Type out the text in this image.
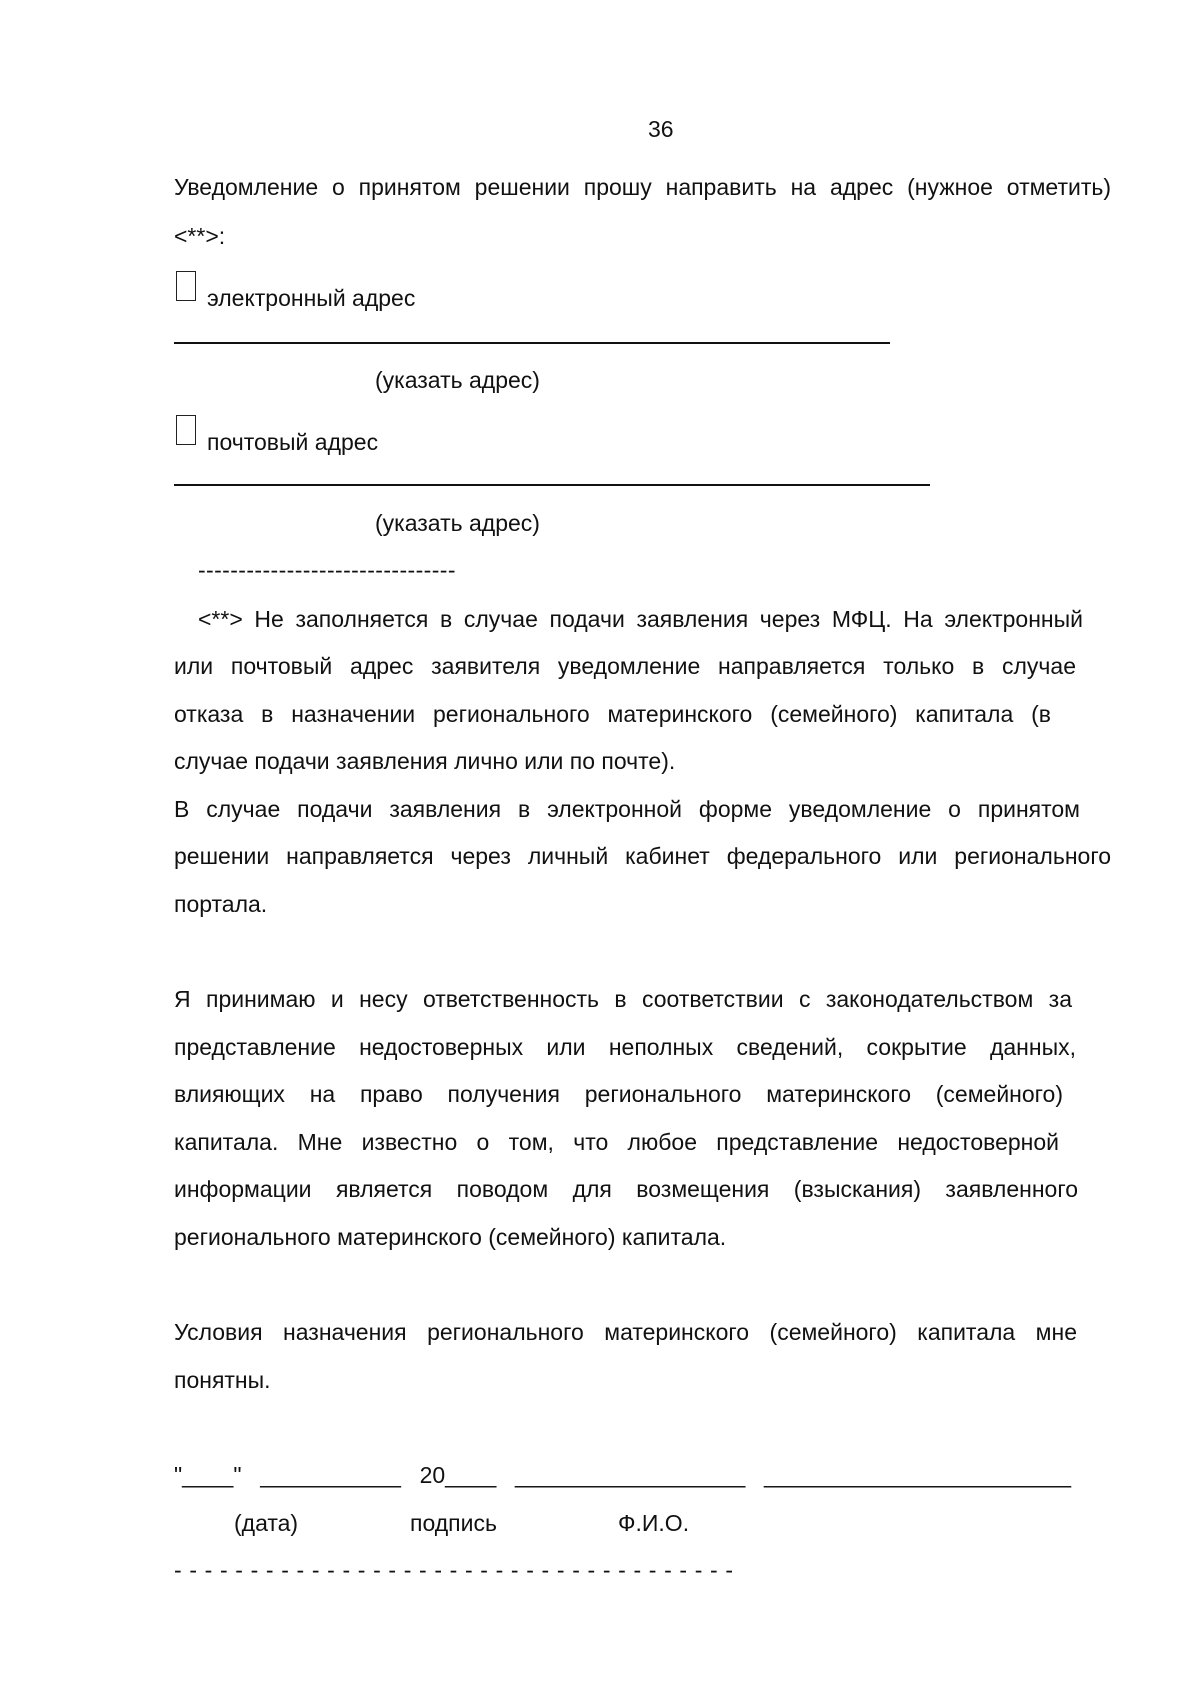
36
Уведомление о принятом решении прошу направить на адрес (нужное отметить)
<**>:
электронный адрес
(указать адрес)
почтовый адрес
(указать адрес)
--------------------------------
<**> Не заполняется в случае подачи заявления через МФЦ. На электронный
или почтовый адрес заявителя уведомление направляется только в случае
отказа в назначении регионального материнского (семейного) капитала (в
случае подачи заявления лично или по почте).
В случае подачи заявления в электронной форме уведомление о принятом
решении направляется через личный кабинет федерального или регионального
портала.
Я принимаю и несу ответственность в соответствии с законодательством за
представление недостоверных или неполных сведений, сокрытие данных,
влияющих на право получения регионального материнского (семейного)
капитала. Мне известно о том, что любое представление недостоверной
информации является поводом для возмещения (взыскания) заявленного
регионального материнского (семейного) капитала.
Условия назначения регионального материнского (семейного) капитала мне
понятны.
"____" ___________ 20____ __________________ ________________________
(дата)	подпись	Ф.И.О.
- - - - - - - - - - - - - - - - - - - - - - - - - - - - - - - - - - - - -
